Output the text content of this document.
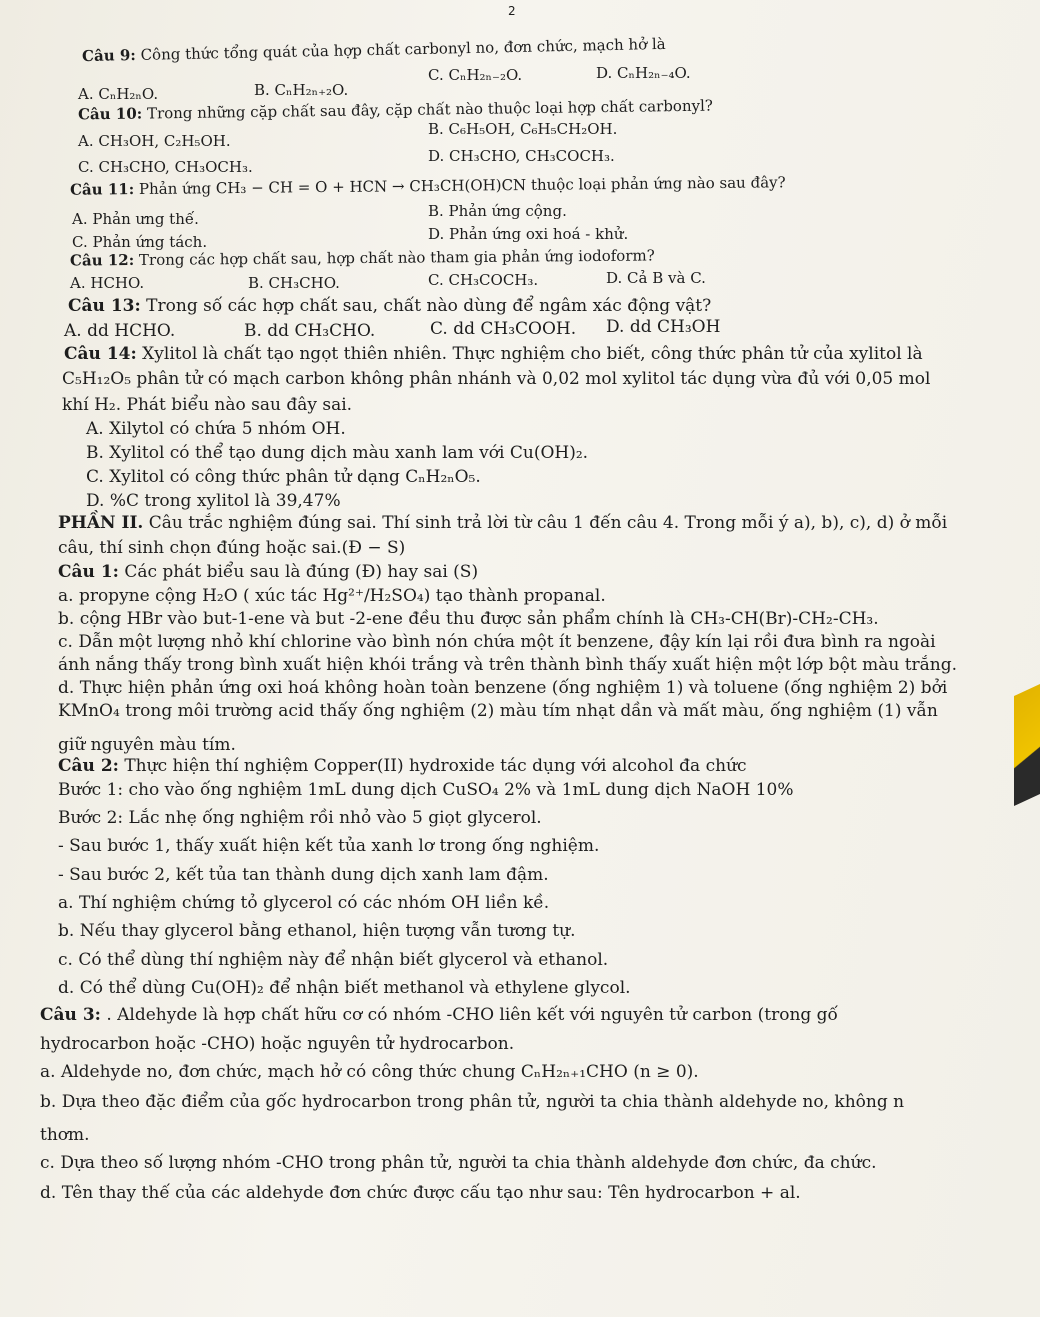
2
Câu 9: Công thức tổng quát của hợp chất carbonyl no, đơn chức, mạch hở là
A. CₙH₂ₙO.	B. CₙH₂ₙ₊₂O.
C. CₙH₂ₙ₋₂O.	D. CₙH₂ₙ₋₄O.
Câu 10: Trong những cặp chất sau đây, cặp chất nào thuộc loại hợp chất carbonyl?
A. CH₃OH, C₂H₅OH.
B. C₆H₅OH, C₆H₅CH₂OH.
C. CH₃CHO, CH₃OCH₃.
D. CH₃CHO, CH₃COCH₃.
Câu 11: Phản ứng CH₃ − CH = O + HCN → CH₃CH(OH)CN thuộc loại phản ứng nào sau đây?
A. Phản ưng thế.	B. Phản ứng cộng.
C. Phản ứng tách.	D. Phản ứng oxi hoá - khử.
Câu 12: Trong các hợp chất sau, hợp chất nào tham gia phản ứng iodoform?
A. HCHO.	B. CH₃CHO.	C. CH₃COCH₃.	D. Cả B và C.
Câu 13: Trong số các hợp chất sau, chất nào dùng để ngâm xác động vật?
A. dd HCHO.	B. dd CH₃CHO.	C. dd CH₃COOH. D. dd CH₃OH
Câu 14: Xylitol là chất tạo ngọt thiên nhiên. Thực nghiệm cho biết, công thức phân tử của xylitol là
C₅H₁₂O₅ phân tử có mạch carbon không phân nhánh và 0,02 mol xylitol tác dụng vừa đủ với 0,05 mol
khí H₂. Phát biểu nào sau đây sai.
A. Xilytol có chứa 5 nhóm OH.
B. Xylitol có thể tạo dung dịch màu xanh lam với Cu(OH)₂.
C. Xylitol có công thức phân tử dạng CₙH₂ₙO₅.
D. %C trong xylitol là 39,47%
PHẦN II. Câu trắc nghiệm đúng sai. Thí sinh trả lời từ câu 1 đến câu 4. Trong mỗi ý a), b), c), d) ở mỗi
câu, thí sinh chọn đúng hoặc sai.(Đ − S)
Câu 1: Các phát biểu sau là đúng (Đ) hay sai (S)
a. propyne cộng H₂O ( xúc tác Hg²⁺/H₂SO₄) tạo thành propanal.
b. cộng HBr vào but-1-ene và but -2-ene đều thu được sản phẩm chính là CH₃-CH(Br)-CH₂-CH₃.
c. Dẫn một lượng nhỏ khí chlorine vào bình nón chứa một ít benzene, đậy kín lại rồi đưa bình ra ngoài
ánh nắng thấy trong bình xuất hiện khói trắng và trên thành bình thấy xuất hiện một lớp bột màu trắng.
d. Thực hiện phản ứng oxi hoá không hoàn toàn benzene (ống nghiệm 1) và toluene (ống nghiệm 2) bởi
KMnO₄ trong môi trường acid thấy ống nghiệm (2) màu tím nhạt dần và mất màu, ống nghiệm (1) vẫn
giữ nguyên màu tím.
Câu 2: Thực hiện thí nghiệm Copper(II) hydroxide tác dụng với alcohol đa chức
Bước 1: cho vào ống nghiệm 1mL dung dịch CuSO₄ 2% và 1mL dung dịch NaOH 10%
Bước 2: Lắc nhẹ ống nghiệm rồi nhỏ vào 5 giọt glycerol.
- Sau bước 1, thấy xuất hiện kết tủa xanh lơ trong ống nghiệm.
- Sau bước 2, kết tủa tan thành dung dịch xanh lam đậm.
a. Thí nghiệm chứng tỏ glycerol có các nhóm OH liền kề.
b. Nếu thay glycerol bằng ethanol, hiện tượng vẫn tương tự.
c. Có thể dùng thí nghiệm này để nhận biết glycerol và ethanol.
d. Có thể dùng Cu(OH)₂ để nhận biết methanol và ethylene glycol.
Câu 3: . Aldehyde là hợp chất hữu cơ có nhóm -CHO liên kết với nguyên tử carbon (trong gố
hydrocarbon hoặc -CHO) hoặc nguyên tử hydrocarbon.
a. Aldehyde no, đơn chức, mạch hở có công thức chung CₙH₂ₙ₊₁CHO (n ≥ 0).
b. Dựa theo đặc điểm của gốc hydrocarbon trong phân tử, người ta chia thành aldehyde no, không n
thơm.
c. Dựa theo số lượng nhóm -CHO trong phân tử, người ta chia thành aldehyde đơn chức, đa chức.
d. Tên thay thế của các aldehyde đơn chức được cấu tạo như sau: Tên hydrocarbon + al.
